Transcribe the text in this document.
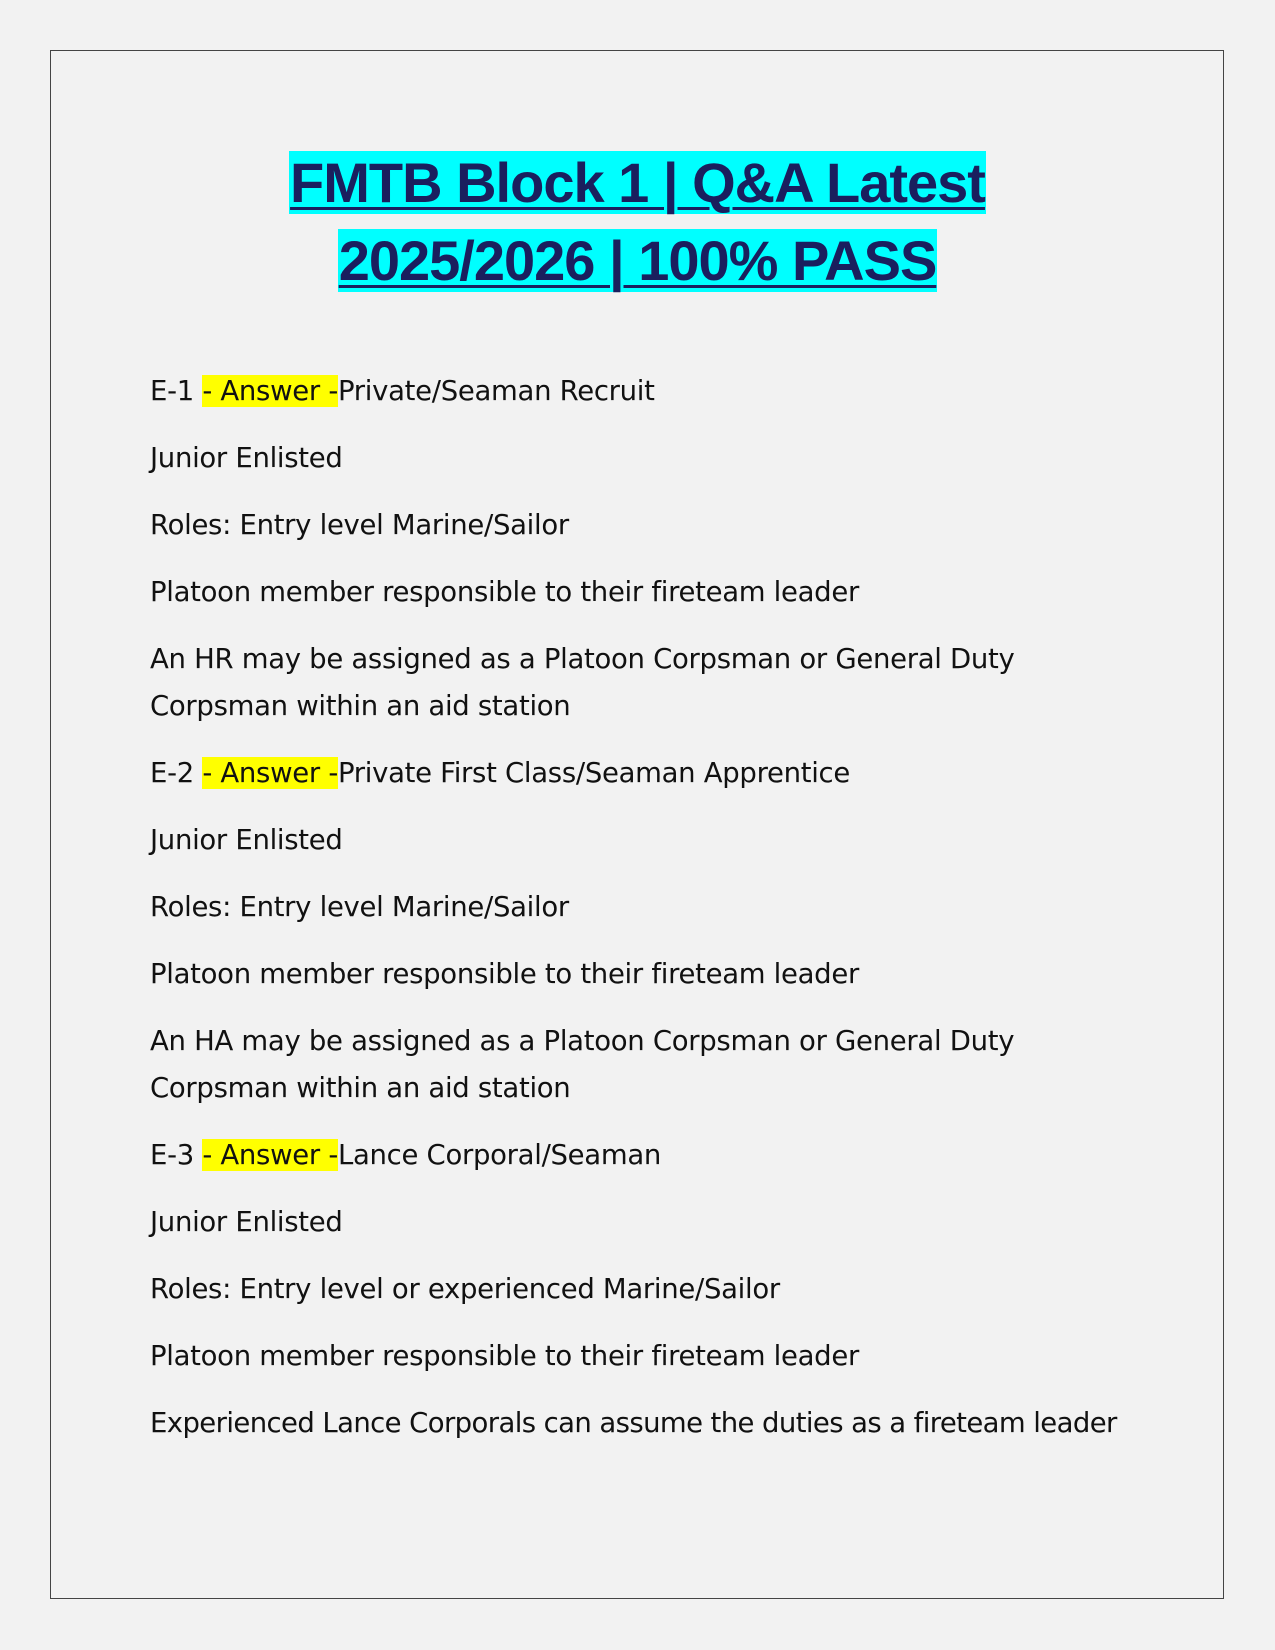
FMTB Block 1 | Q&A Latest
2025/2026 | 100% PASS

E-1 - Answer -Private/Seaman Recruit

Junior Enlisted

Roles: Entry level Marine/Sailor

Platoon member responsible to their fireteam leader

An HR may be assigned as a Platoon Corpsman or General Duty Corpsman within an aid station

E-2 - Answer -Private First Class/Seaman Apprentice

Junior Enlisted

Roles: Entry level Marine/Sailor

Platoon member responsible to their fireteam leader

An HA may be assigned as a Platoon Corpsman or General Duty Corpsman within an aid station

E-3 - Answer -Lance Corporal/Seaman

Junior Enlisted

Roles: Entry level or experienced Marine/Sailor

Platoon member responsible to their fireteam leader

Experienced Lance Corporals can assume the duties as a fireteam leader
